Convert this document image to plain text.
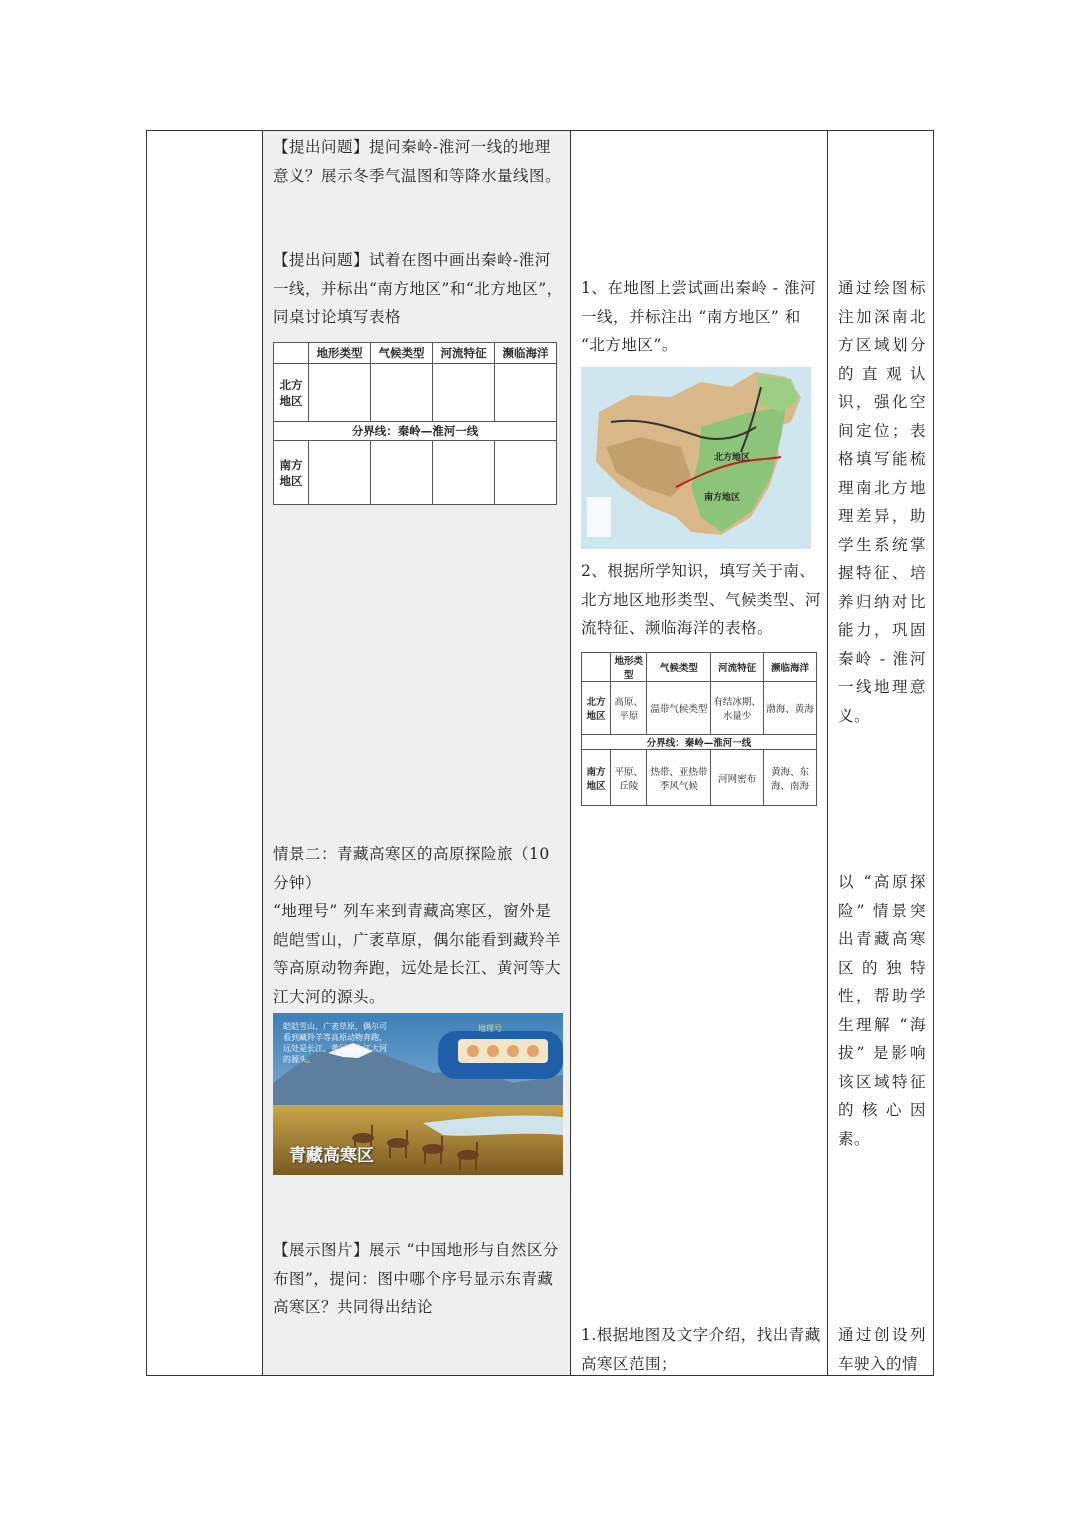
【提出问题】提问秦岭-淮河一线的地理意义？展示冬季气温图和等降水量线图。

【提出问题】试着在图中画出秦岭-淮河一线，并标出“南方地区”和“北方地区”，同桌讨论填写表格

	地形类型	气候类型	河流特征	濒临海洋
北方地区				
分界线：秦岭—淮河一线				
南方地区				

情景二：青藏高寒区的高原探险旅（10 分钟）

“地理号” 列车来到青藏高寒区，窗外是皑皑雪山，广袤草原，偶尔能看到藏羚羊等高原动物奔跑，远处是长江、黄河等大江大河的源头。

皑皑雪山、广袤草原，偶尔可看到藏羚羊等高原动物奔跑，远处是长江、黄河等大江大河的源头。
地理号
青藏高寒区

【展示图片】展示 “中国地形与自然区分布图”，提问：图中哪个序号显示东青藏高寒区？共同得出结论

1、在地图上尝试画出秦岭 - 淮河一线，并标注出 “南方地区” 和 “北方地区”。

北方地区
南方地区

2、根据所学知识，填写关于南、北方地区地形类型、气候类型、河流特征、濒临海洋的表格。

	地形类型	气候类型	河流特征	濒临海洋
北方地区	高原、平原	温带气候类型	有结冰期、水量少	渤海、黄海
分界线：秦岭—淮河一线				
南方地区	平原、丘陵	热带、亚热带季风气候	河网密布	黄海、东海、南海

1.根据地图及文字介绍，找出青藏高寒区范围；

通过绘图标注加深南北方区域划分的直观认识，强化空间定位；表格填写能梳理南北方地理差异，助学生系统掌握特征、培养归纳对比能力，巩固秦岭 - 淮河一线地理意义。

以 “高原探险” 情景突出青藏高寒区的独特性，帮助学生理解 “海拔” 是影响该区域特征的核心因素。

通过创设列车驶入的情
